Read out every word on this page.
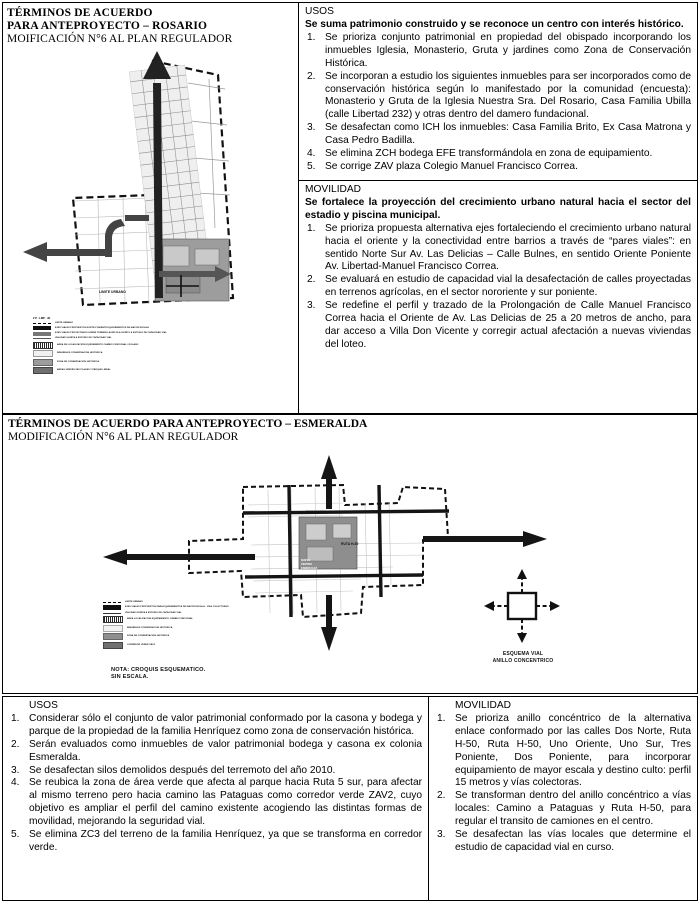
TÉRMINOS DE ACUERDO
PARA ANTEPROYECTO – ROSARIO
MOIFICACIÓN N°6 AL PLAN REGULADOR
LIMITE URBANO
Z P - LMP - JE
LIMITE URBANO
EJES VIALES PROPUESTOS NORTE-PONIENTE EQUIPAMIENTOS DE MAYOR ESCALA
EJES VIALES PROYECTADOS SOBRE TERRENO AGRICOLA SUJETO A ESTUDIO DE CAPACIDAD VIAL
VIALIDAD SUJETA A ESTUDIO DE CAPACIDAD VIAL
AREA DE LOCALIZACION EQUIPAMIENTO CAMBIO FUNCIONAL / ROLANO
INMUEBLES CONSERVACION HISTORICA
ZONA DE CONSERVACION HISTORICA
AREAS VERDES ZAV PLAZAS Y PARQUE LINEAL
USOS
Se suma patrimonio construido y se reconoce un centro con interés histórico.
Se prioriza conjunto patrimonial en propiedad del obispado incorporando los inmuebles Iglesia, Monasterio, Gruta y jardines como Zona de Conservación Histórica.
Se incorporan a estudio los siguientes inmuebles para ser incorporados como de conservación histórica según lo manifestado por la comunidad (encuesta): Monasterio y Gruta de la Iglesia Nuestra Sra. Del Rosario, Casa Familia Ubilla (calle Libertad 232) y otras dentro del damero fundacional.
Se desafectan como ICH los inmuebles: Casa Familia Brito, Ex Casa Matrona y Casa Pedro Badilla.
Se elimina ZCH bodega EFE transformándola en zona de equipamiento.
Se corrige ZAV plaza Colegio Manuel Francisco Correa.
MOVILIDAD
Se fortalece la proyección del crecimiento urbano natural hacia el sector del estadio y piscina municipal.
Se prioriza propuesta alternativa ejes fortaleciendo el crecimiento urbano natural hacia el oriente y la conectividad entre barrios a través de “pares viales”: en sentido Norte Sur Av. Las Delicias – Calle Bulnes, en sentido Oriente Poniente Av. Libertad-Manuel Francisco Correa.
Se evaluará en estudio de capacidad vial la desafectación de calles proyectadas en terrenos agrícolas, en el sector nororiente y sur poniente.
Se redefine el perfil y trazado de la Prolongación de Calle Manuel Francisco Correa hacia el Oriente de Av. Las Delicias de 25 a 20 metros de ancho, para dar acceso a Villa Don Vicente y corregir actual afectación a nuevas viviendas del loteo.
TÉRMINOS DE ACUERDO PARA ANTEPROYECTO – ESMERALDA
MODIFICACIÓN N°6 AL PLAN REGULADOR
DOS NORTE
RUTA H-50
NUEVO
CENTRO
ESMERALDA
LIMITE URBANO
EJES VIALES PROPUESTOS PARA EQUIPAMIENTOS DE MAYOR ESCALA - VIAS COLECTORAS
VIALIDAD SUJETA A ESTUDIO DE CAPACIDAD VIAL
AREA LOCALIZACION EQUIPAMIENTO CAMBIO FUNCIONAL
INMUEBLES CONSERVACION HISTORICA
ZONA DE CONSERVACION HISTORICA
CORREDOR VERDE ZAV2
NOTA: CROQUIS ESQUEMATICO.
SIN ESCALA.
ESQUEMA VIAL
ANILLO CONCENTRICO
USOS
Considerar sólo el conjunto de valor patrimonial conformado por la casona y bodega y parque de la propiedad de la familia Henríquez como zona de conservación histórica.
Serán evaluados como inmuebles de valor patrimonial bodega y casona ex colonia Esmeralda.
Se desafectan silos demolidos después del terremoto del año 2010.
Se reubica la zona de área verde que afecta al parque hacia Ruta 5 sur, para afectar al mismo terreno pero hacia camino las Pataguas como corredor verde ZAV2, cuyo objetivo es ampliar el perfil del camino existente acogiendo las distintas formas de movilidad, mejorando la seguridad vial.
Se elimina ZC3 del terreno de la familia Henríquez, ya que se transforma en corredor verde.
MOVILIDAD
Se prioriza anillo concéntrico de la alternativa enlace conformado por las calles Dos Norte, Ruta H-50, Ruta H-50, Uno Oriente, Uno Sur, Tres Poniente, Dos Poniente, para incorporar equipamiento de mayor escala y destino culto: perfil 15 metros y vías colectoras.
Se transforman dentro del anillo concéntrico a vías locales: Camino a Pataguas y Ruta H-50, para regular el transito de camiones en el centro.
Se desafectan las vías locales que determine el estudio de capacidad vial en curso.
